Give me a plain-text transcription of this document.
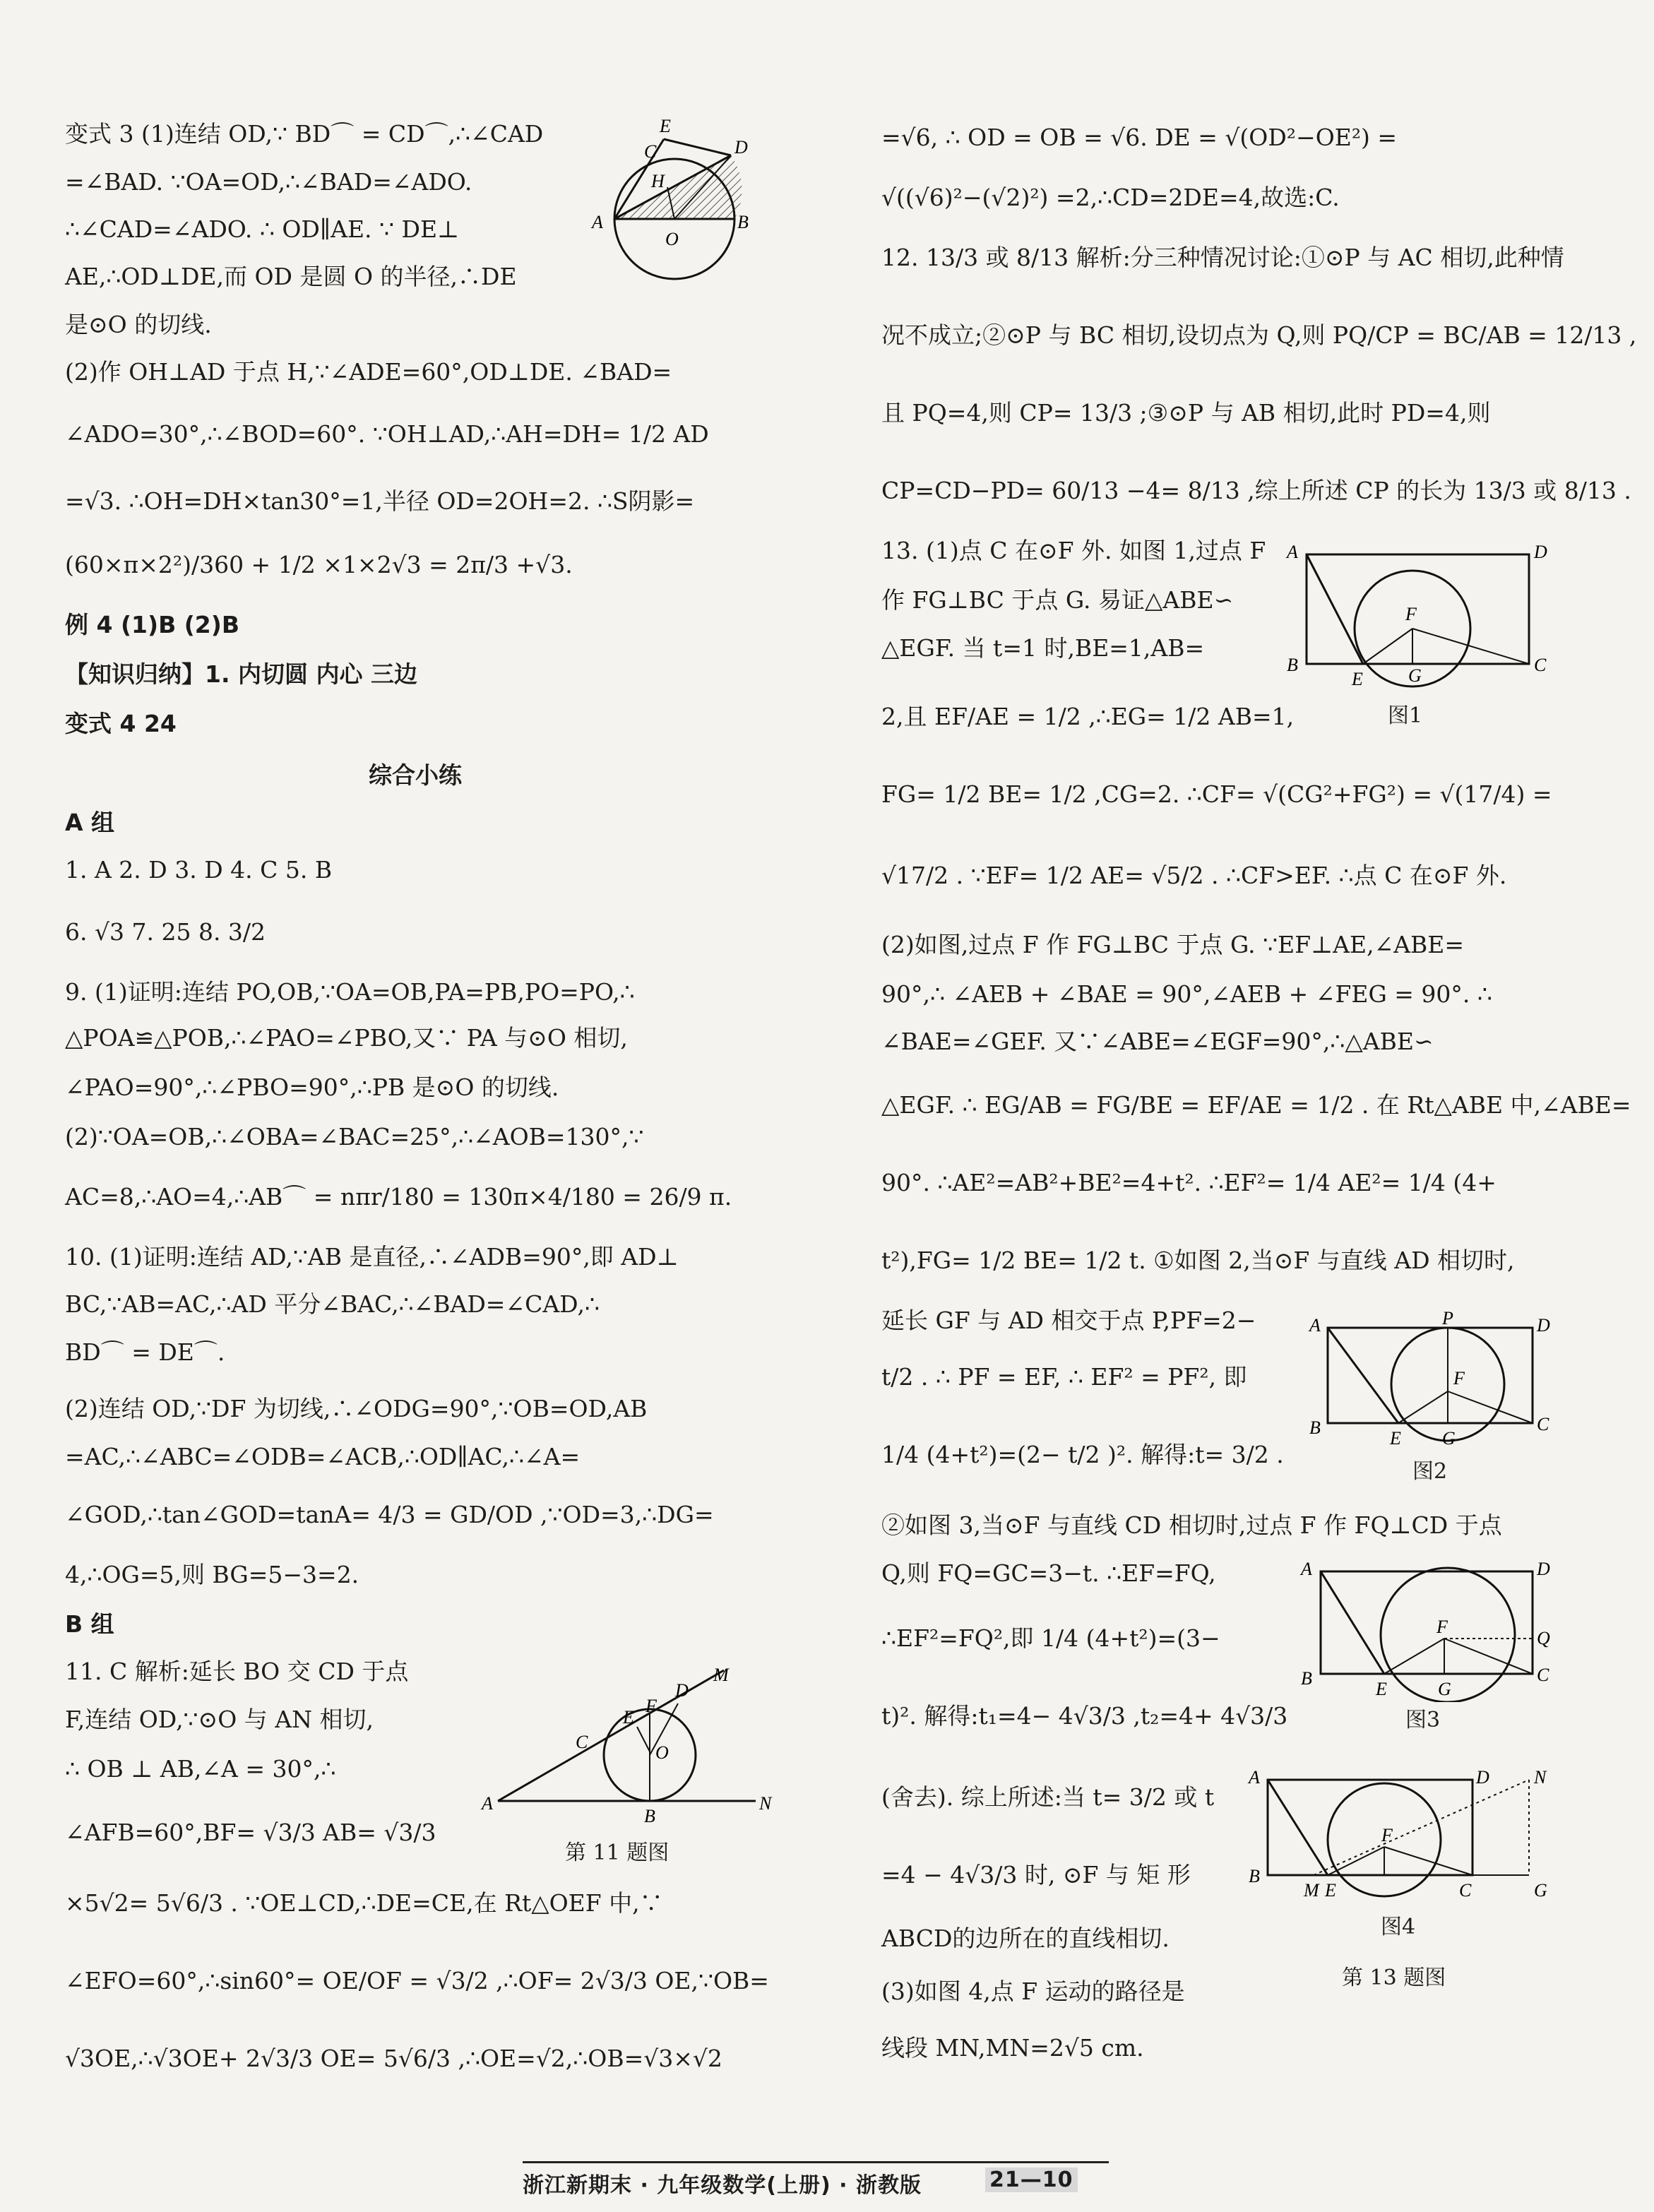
变式 3 (1)连结 OD,∵ BD⌒ = CD⌒,∴∠CAD
=∠BAD. ∵OA=OD,∴∠BAD=∠ADO.
∴∠CAD=∠ADO. ∴ OD∥AE. ∵ DE⊥
AE,∴OD⊥DE,而 OD 是圆 O 的半径,∴DE
是⊙O 的切线.
(2)作 OH⊥AD 于点 H,∵∠ADE=60°,OD⊥DE. ∠BAD=
∠ADO=30°,∴∠BOD=60°. ∵OH⊥AD,∴AH=DH= 1/2 AD
=√3. ∴OH=DH×tan30°=1,半径 OD=2OH=2. ∴S阴影=
(60×π×2²)/360 + 1/2 ×1×2√3 = 2π/3 +√3.
例 4 (1)B (2)B
【知识归纳】1. 内切圆 内心 三边
变式 4 24
综合小练
A 组
1. A 2. D 3. D 4. C 5. B
6. √3 7. 25 8. 3/2
9. (1)证明:连结 PO,OB,∵OA=OB,PA=PB,PO=PO,∴
△POA≌△POB,∴∠PAO=∠PBO,又∵ PA 与⊙O 相切,
∠PAO=90°,∴∠PBO=90°,∴PB 是⊙O 的切线.
(2)∵OA=OB,∴∠OBA=∠BAC=25°,∴∠AOB=130°,∵
AC=8,∴AO=4,∴AB⌒ = nπr/180 = 130π×4/180 = 26/9 π.
10. (1)证明:连结 AD,∵AB 是直径,∴∠ADB=90°,即 AD⊥
BC,∵AB=AC,∴AD 平分∠BAC,∴∠BAD=∠CAD,∴
BD⌒ = DE⌒.
(2)连结 OD,∵DF 为切线,∴∠ODG=90°,∵OB=OD,AB
=AC,∴∠ABC=∠ODB=∠ACB,∴OD∥AC,∴∠A=
∠GOD,∴tan∠GOD=tanA= 4/3 = GD/OD ,∵OD=3,∴DG=
4,∴OG=5,则 BG=5−3=2.
B 组
11. C 解析:延长 BO 交 CD 于点
F,连结 OD,∵⊙O 与 AN 相切,
∴ OB ⊥ AB,∠A = 30°,∴
∠AFB=60°,BF= √3/3 AB= √3/3
×5√2= 5√6/3 . ∵OE⊥CD,∴DE=CE,在 Rt△OEF 中,∵
∠EFO=60°,∴sin60°= OE/OF = √3/2 ,∴OF= 2√3/3 OE,∵OB=
√3OE,∴√3OE+ 2√3/3 OE= 5√6/3 ,∴OE=√2,∴OB=√3×√2
=√6, ∴ OD = OB = √6. DE = √(OD²−OE²) =
√((√6)²−(√2)²) =2,∴CD=2DE=4,故选:C.
12. 13/3 或 8/13 解析:分三种情况讨论:①⊙P 与 AC 相切,此种情
况不成立;②⊙P 与 BC 相切,设切点为 Q,则 PQ/CP = BC/AB = 12/13 ,
且 PQ=4,则 CP= 13/3 ;③⊙P 与 AB 相切,此时 PD=4,则
CP=CD−PD= 60/13 −4= 8/13 ,综上所述 CP 的长为 13/3 或 8/13 .
13. (1)点 C 在⊙F 外. 如图 1,过点 F
作 FG⊥BC 于点 G. 易证△ABE∽
△EGF. 当 t=1 时,BE=1,AB=
2,且 EF/AE = 1/2 ,∴EG= 1/2 AB=1,
FG= 1/2 BE= 1/2 ,CG=2. ∴CF= √(CG²+FG²) = √(17/4) =
√17/2 . ∵EF= 1/2 AE= √5/2 . ∴CF>EF. ∴点 C 在⊙F 外.
(2)如图,过点 F 作 FG⊥BC 于点 G. ∵EF⊥AE,∠ABE=
90°,∴ ∠AEB + ∠BAE = 90°,∠AEB + ∠FEG = 90°. ∴
∠BAE=∠GEF. 又∵∠ABE=∠EGF=90°,∴△ABE∽
△EGF. ∴ EG/AB = FG/BE = EF/AE = 1/2 . 在 Rt△ABE 中,∠ABE=
90°. ∴AE²=AB²+BE²=4+t². ∴EF²= 1/4 AE²= 1/4 (4+
t²),FG= 1/2 BE= 1/2 t. ①如图 2,当⊙F 与直线 AD 相切时,
延长 GF 与 AD 相交于点 P,PF=2−
t/2 . ∴ PF = EF, ∴ EF² = PF², 即
1/4 (4+t²)=(2− t/2 )². 解得:t= 3/2 .
②如图 3,当⊙F 与直线 CD 相切时,过点 F 作 FQ⊥CD 于点
Q,则 FQ=GC=3−t. ∴EF=FQ,
∴EF²=FQ²,即 1/4 (4+t²)=(3−
t)². 解得:t₁=4− 4√3/3 ,t₂=4+ 4√3/3
(舍去). 综上所述:当 t= 3/2 或 t
=4 − 4√3/3 时, ⊙F 与 矩 形
ABCD的边所在的直线相切.
(3)如图 4,点 F 运动的路径是
线段 MN,MN=2√5 cm.
A	B
C	D
E
H
O
A
B
C
D
E
F
M
N
O
第 11 题图
A
B	C
D
E
F
G
图1
A
B	C
D
E
F
G
P
图2
A
B	C
D
E
F
G
Q
图3
A
B
C
D
E
F
G
M
N
图4
第 13 题图
浙江新期末 · 九年级数学(上册) · 浙教版	21—10
